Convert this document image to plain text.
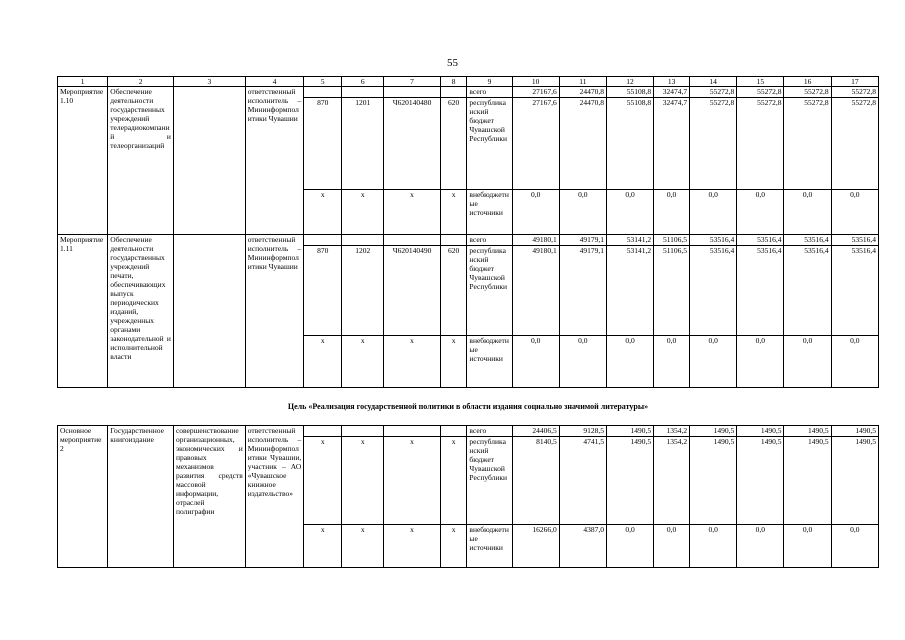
55
1	2	3	4	5	6	7	8	9	10	11	12	13	14	15	16	17
Мероприятие 1.10	Обеспечение деятельности государственных учреждений телерадиокомпаний и телеорганизаций		ответственный исполнитель – Мининформполитики Чувашии					всего	27167,6	24470,8	55108,8	32474,7	55272,8	55272,8	55272,8	55272,8
				870	1201	Ч620140480	620	республиканский бюджет Чувашской Республики	27167,6	24470,8	55108,8	32474,7	55272,8	55272,8	55272,8	55272,8
				x	x	x	x	внебюджетные источники	0,0	0,0	0,0	0,0	0,0	0,0	0,0	0,0
Мероприятие 1.11	Обеспечение деятельности государственных учреждений печати, обеспечивающих выпуск периодических изданий, учрежденных органами законодательной и исполнительной власти		ответственный исполнитель – Мининформполитики Чувашии					всего	49180,1	49179,1	53141,2	51106,5	53516,4	53516,4	53516,4	53516,4
				870	1202	Ч620140490	620	республиканский бюджет Чувашской Республики	49180,1	49179,1	53141,2	51106,5	53516,4	53516,4	53516,4	53516,4
				x	x	x	x	внебюджетные источники	0,0	0,0	0,0	0,0	0,0	0,0	0,0	0,0
Цель «Реализация государственной политики в области издания социально значимой литературы»
Основное мероприятие 2	Государственное книгоиздание	совершенствование организационных, экономических и правовых механизмов развития средств массовой информации, отраслей полиграфии	ответственный исполнитель – Мининформполитики Чувашии, участник – АО «Чувашское книжное издательство»					всего	24406,5	9128,5	1490,5	1354,2	1490,5	1490,5	1490,5	1490,5
				x	x	x	x	республиканский бюджет Чувашской Республики	8140,5	4741,5	1490,5	1354,2	1490,5	1490,5	1490,5	1490,5
				x	x	x	x	внебюджетные источники	16266,0	4387,0	0,0	0,0	0,0	0,0	0,0	0,0
